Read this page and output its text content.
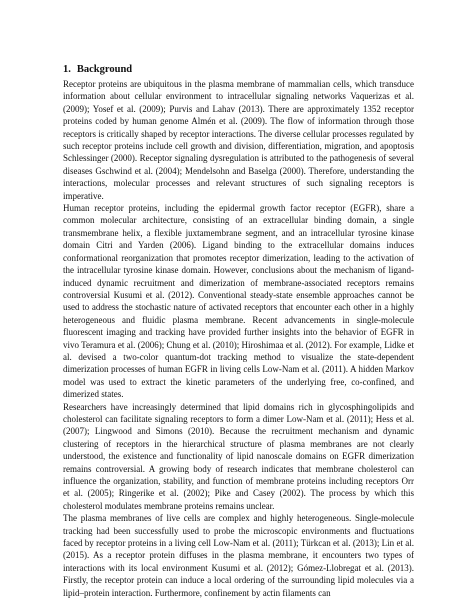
1. Background

Receptor proteins are ubiquitous in the plasma membrane of mammalian cells, which transduce information about cellular environment to intracellular signaling networks Vaquerizas et al. (2009); Yosef et al. (2009); Purvis and Lahav (2013). There are approximately 1352 receptor proteins coded by human genome Almén et al. (2009). The flow of information through those receptors is critically shaped by receptor interactions. The diverse cellular processes regulated by such receptor proteins include cell growth and division, differentiation, migration, and apoptosis Schlessinger (2000). Receptor signaling dysregulation is attributed to the pathogenesis of several diseases Gschwind et al. (2004); Mendelsohn and Baselga (2000). Therefore, understanding the interactions, molecular processes and relevant structures of such signaling receptors is imperative.

Human receptor proteins, including the epidermal growth factor receptor (EGFR), share a common molecular architecture, consisting of an extracellular binding domain, a single transmembrane helix, a flexible juxtamembrane segment, and an intracellular tyrosine kinase domain Citri and Yarden (2006). Ligand binding to the extracellular domains induces conformational reorganization that promotes receptor dimerization, leading to the activation of the intracellular tyrosine kinase domain. However, conclusions about the mechanism of ligand-induced dynamic recruitment and dimerization of membrane-associated receptors remains controversial Kusumi et al. (2012). Conventional steady-state ensemble approaches cannot be used to address the stochastic nature of activated receptors that encounter each other in a highly heterogeneous and fluidic plasma membrane. Recent advancements in single-molecule fluorescent imaging and tracking have provided further insights into the behavior of EGFR in vivo Teramura et al. (2006); Chung et al. (2010); Hiroshimaa et al. (2012). For example, Lidke et al. devised a two-color quantum-dot tracking method to visualize the state-dependent dimerization processes of human EGFR in living cells Low-Nam et al. (2011). A hidden Markov model was used to extract the kinetic parameters of the underlying free, co-confined, and dimerized states.

Researchers have increasingly determined that lipid domains rich in glycosphingolipids and cholesterol can facilitate signaling receptors to form a dimer Low-Nam et al. (2011); Hess et al. (2007); Lingwood and Simons (2010). Because the recruitment mechanism and dynamic clustering of receptors in the hierarchical structure of plasma membranes are not clearly understood, the existence and functionality of lipid nanoscale domains on EGFR dimerization remains controversial. A growing body of research indicates that membrane cholesterol can influence the organization, stability, and function of membrane proteins including receptors Orr et al. (2005); Ringerike et al. (2002); Pike and Casey (2002). The process by which this cholesterol modulates membrane proteins remains unclear.

The plasma membranes of live cells are complex and highly heterogeneous. Single-molecule tracking had been successfully used to probe the microscopic environments and fluctuations faced by receptor proteins in a living cell Low-Nam et al. (2011); Türkcan et al. (2013); Lin et al. (2015). As a receptor protein diffuses in the plasma membrane, it encounters two types of interactions with its local environment Kusumi et al. (2012); Gómez-Llobregat et al. (2013). Firstly, the receptor protein can induce a local ordering of the surrounding lipid molecules via a lipid–protein interaction. Furthermore, confinement by actin filaments can
